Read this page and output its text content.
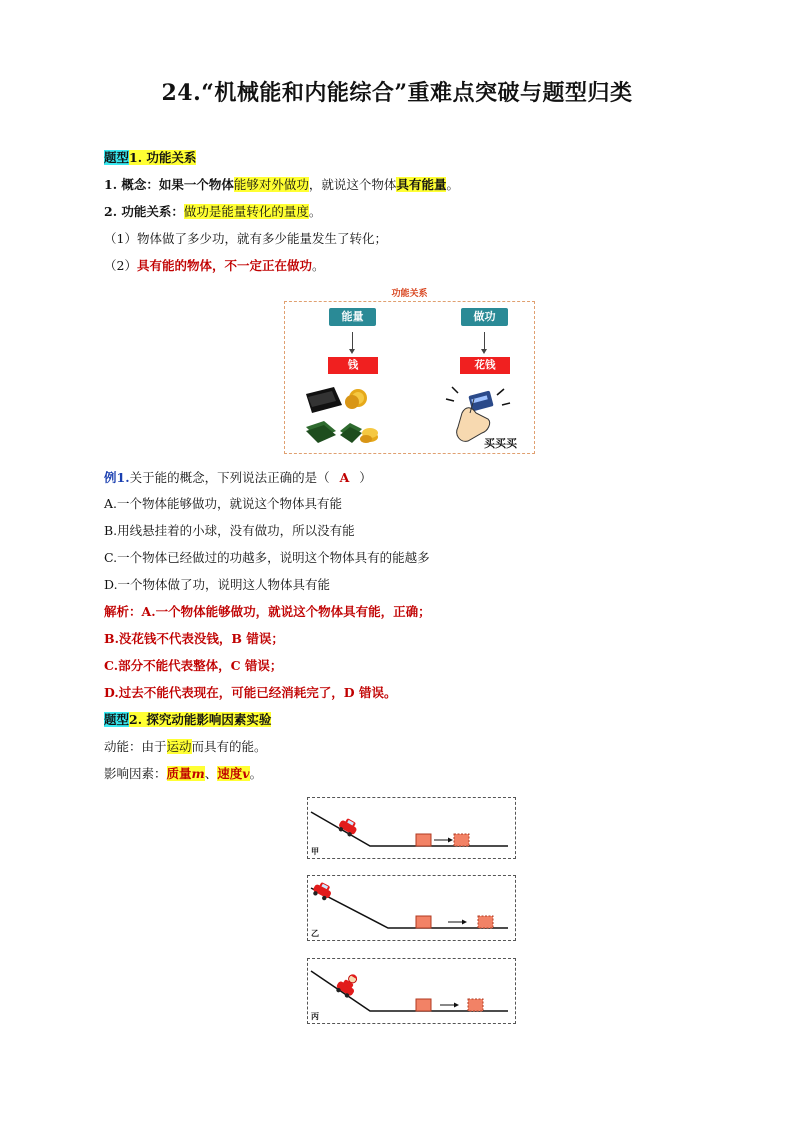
24.“机械能和内能综合”重难点突破与题型归类
题型1. 功能关系
1. 概念：如果一个物体能够对外做功，就说这个物体具有能量。
2. 功能关系：做功是能量转化的量度。
（1）物体做了多少功，就有多少能量发生了转化；
（2）具有能的物体，不一定正在做功。
功能关系
能量
钱
做功
花钱
买买买
例1.关于能的概念，下列说法正确的是（ A ）
A.一个物体能够做功，就说这个物体具有能
B.用线悬挂着的小球，没有做功，所以没有能
C.一个物体已经做过的功越多，说明这个物体具有的能越多
D.一个物体做了功，说明这人物体具有能
解析：A.一个物体能够做功，就说这个物体具有能，正确；
B.没花钱不代表没钱，B 错误；
C.部分不能代表整体，C 错误；
D.过去不能代表现在，可能已经消耗完了，D 错误。
题型2. 探究动能影响因素实验
动能：由于运动而具有的能。
影响因素：质量m、速度v。
甲
乙
丙
